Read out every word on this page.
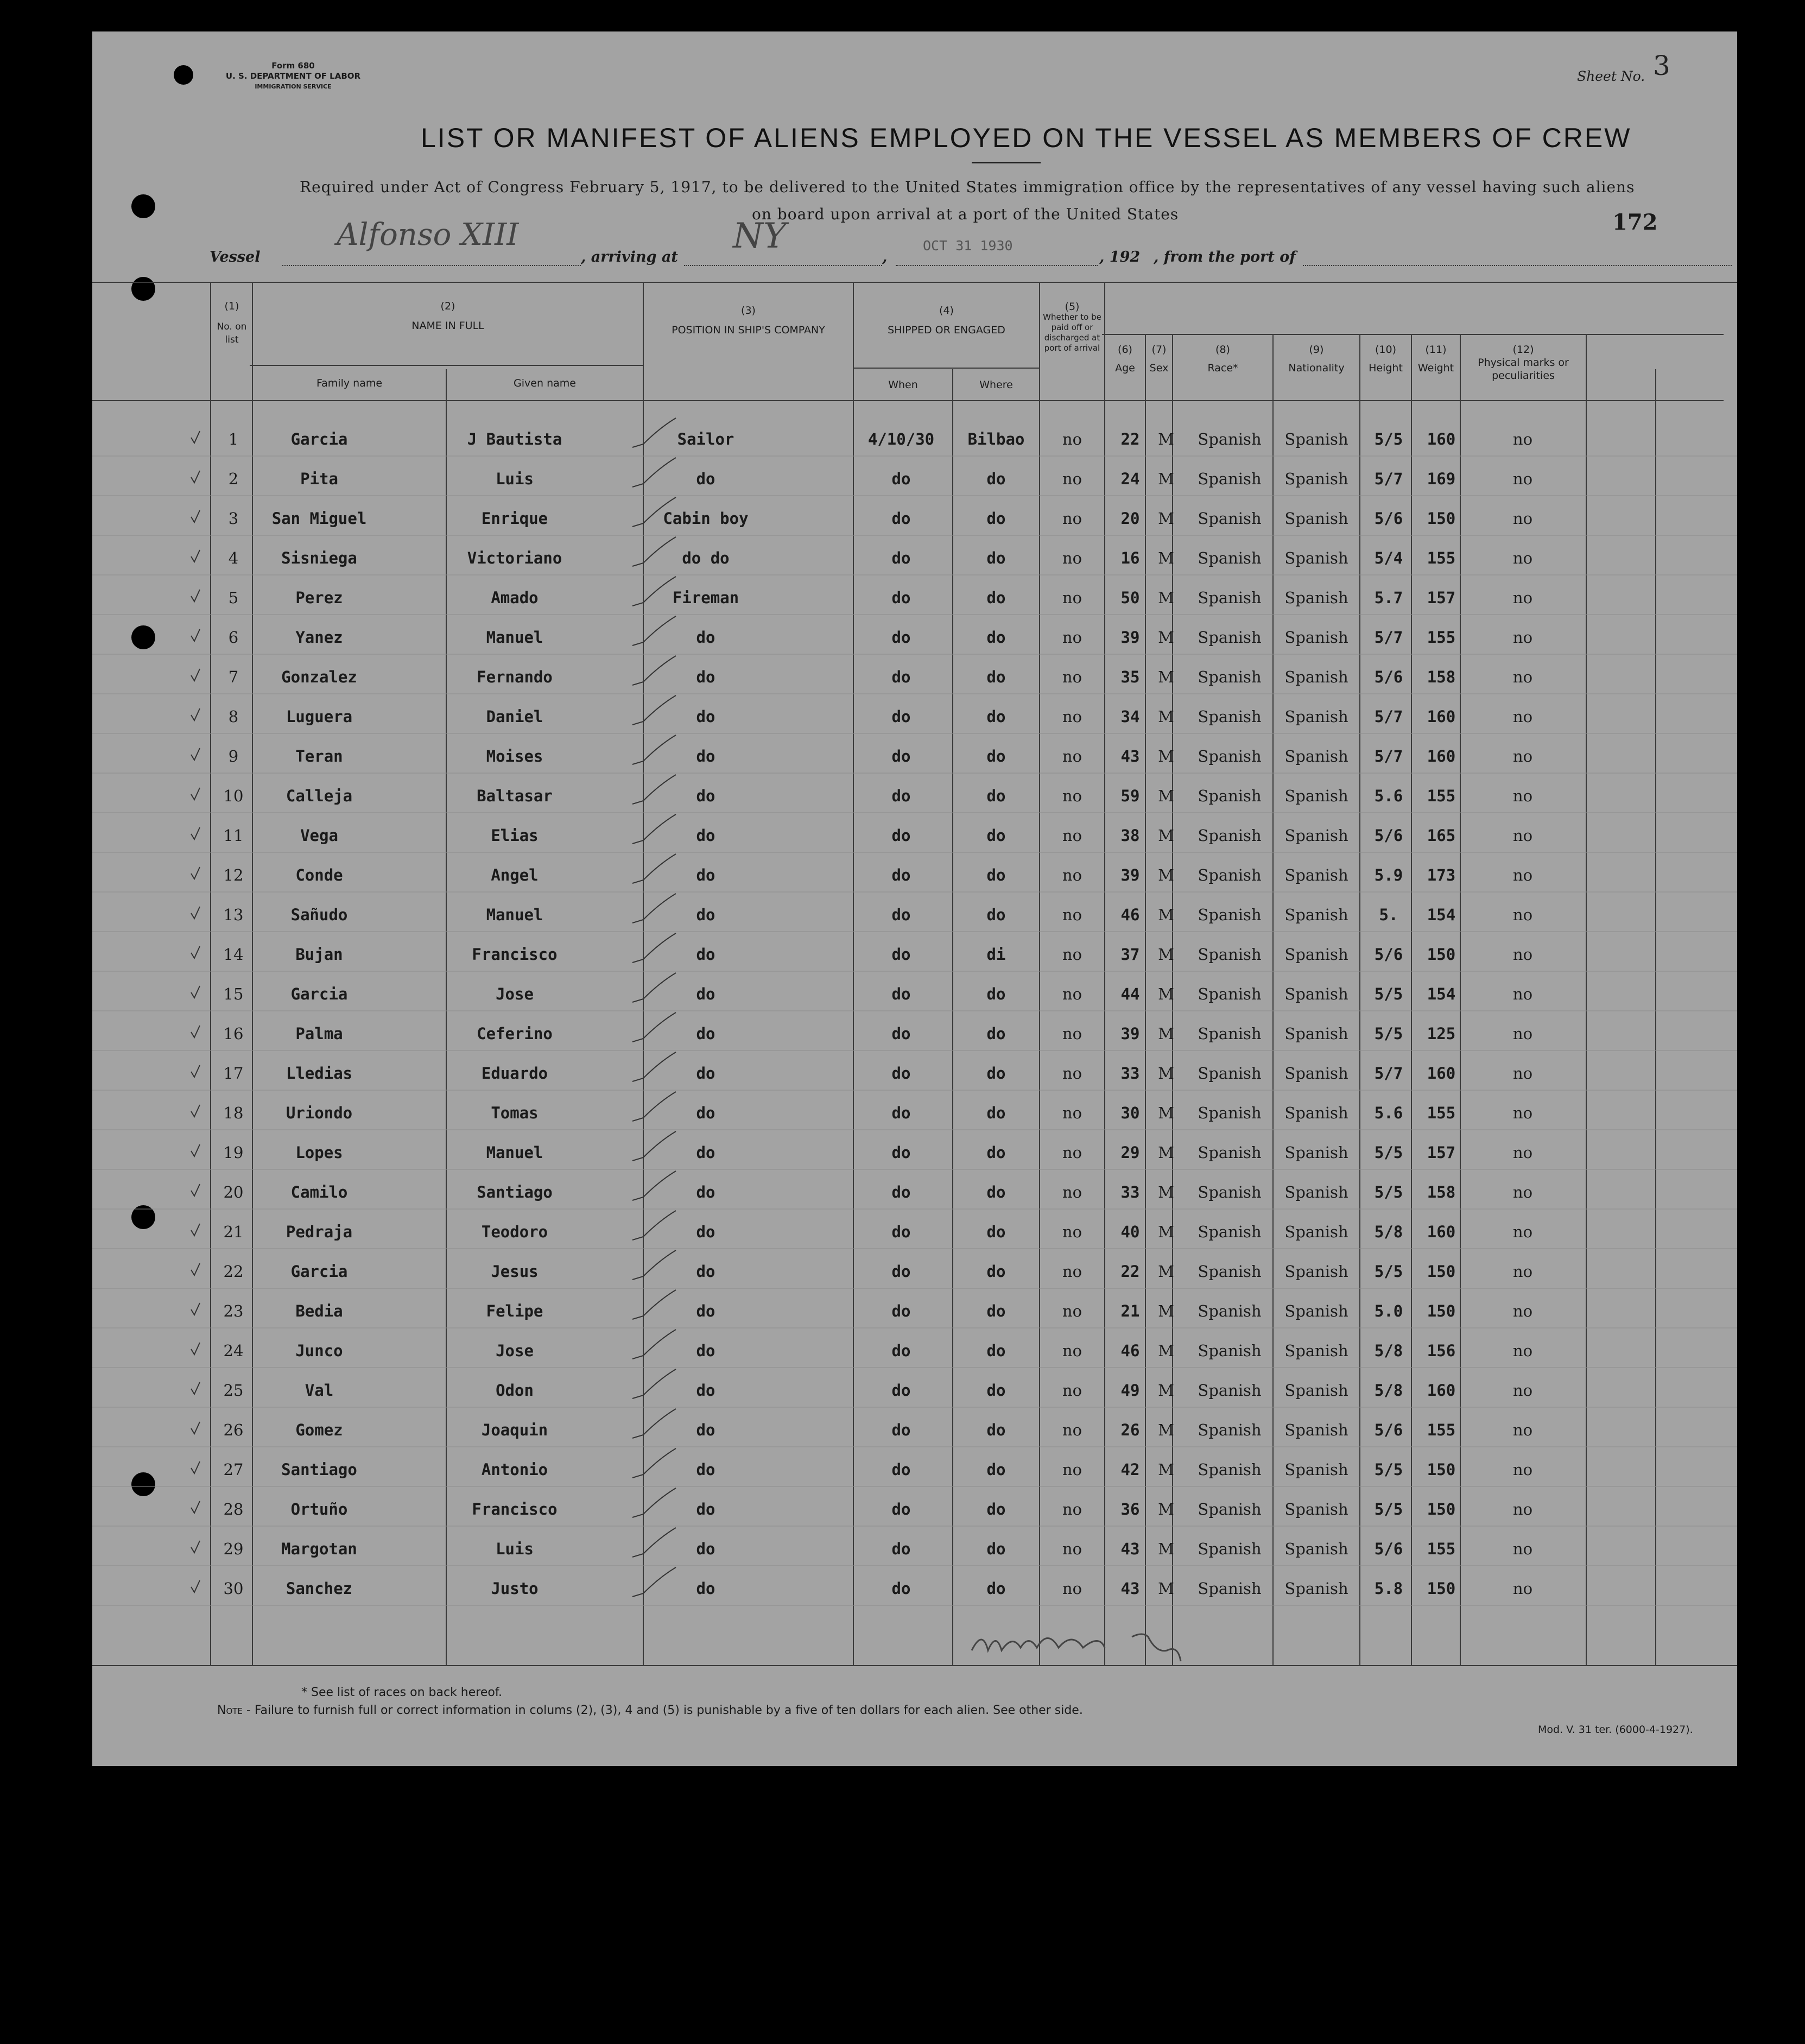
Form 680
U. S. DEPARTMENT OF LABOR
IMMIGRATION SERVICE
Sheet No. 3
LIST OR MANIFEST OF ALIENS EMPLOYED ON THE VESSEL AS MEMBERS OF CREW
Required under Act of Congress February 5, 1917, to be delivered to the United States immigration office by the representatives of any vessel having such aliens
on board upon arrival at a port of the United States	172
Vessel
Alfonso XIII
, arriving at
NY
,
OCT 31 1930
, 192 , from the port of
(1)
No. on list
(2)
NAME IN FULL
Family name	Given name
(3)
POSITION IN SHIP'S COMPANY
(4)
SHIPPED OR ENGAGED
When	Where
(5)
Whether to be paid off or discharged at port of arrival	(6)
Age
(7)
Sex
(8)
Race*
(9)
Nationality
(10)
Height
(11)
Weight
(12)
Physical marks or peculiarities
1	Garcia	J Bautista	Sailor	4/10/30 Bilbao no 22 M Spanish Spanish 5/5 160	no
2	Pita	Luis	do	do	do	no 24 M Spanish Spanish 5/7 169	no
3 San Miguel	Enrique	Cabin boy	do	do	no 20 M Spanish Spanish 5/6 150	no
4	Sisniega	Victoriano	do do	do	do	no 16 M Spanish Spanish 5/4 155	no
5	Perez	Amado	Fireman	do	do	no 50 M Spanish Spanish 5.7 157	no
6	Yanez	Manuel	do	do	do	no 39 M Spanish Spanish 5/7 155	no
7	Gonzalez	Fernando	do	do	do	no 35 M Spanish Spanish 5/6 158	no
8	Luguera	Daniel	do	do	do	no 34 M Spanish Spanish 5/7 160	no
9	Teran	Moises	do	do	do	no 43 M Spanish Spanish 5/7 160	no
10	Calleja	Baltasar	do	do	do	no 59 M Spanish Spanish 5.6 155	no
11	Vega	Elias	do	do	do	no 38 M Spanish Spanish 5/6 165	no
12	Conde	Angel	do	do	do	no 39 M Spanish Spanish 5.9 173	no
13	Sañudo	Manuel	do	do	do	no 46 M Spanish Spanish 5. 154	no
14	Bujan	Francisco	do	do	di	no 37 M Spanish Spanish 5/6 150	no
15	Garcia	Jose	do	do	do	no 44 M Spanish Spanish 5/5 154	no
16	Palma	Ceferino	do	do	do	no 39 M Spanish Spanish 5/5 125	no
17	Lledias	Eduardo	do	do	do	no 33 M Spanish Spanish 5/7 160	no
18	Uriondo	Tomas	do	do	do	no 30 M Spanish Spanish 5.6 155	no
19	Lopes	Manuel	do	do	do	no 29 M Spanish Spanish 5/5 157	no
20	Camilo	Santiago	do	do	do	no 33 M Spanish Spanish 5/5 158	no
21	Pedraja	Teodoro	do	do	do	no 40 M Spanish Spanish 5/8 160	no
22	Garcia	Jesus	do	do	do	no 22 M Spanish Spanish 5/5 150	no
23	Bedia	Felipe	do	do	do	no 21 M Spanish Spanish 5.0 150	no
24	Junco	Jose	do	do	do	no 46 M Spanish Spanish 5/8 156	no
25	Val	Odon	do	do	do	no 49 M Spanish Spanish 5/8 160	no
26	Gomez	Joaquin	do	do	do	no 26 M Spanish Spanish 5/6 155	no
27 Santiago	Antonio	do	do	do	no 42 M Spanish Spanish 5/5 150	no
28	Ortuño	Francisco	do	do	do	no 36 M Spanish Spanish 5/5 150	no
29 Margotan	Luis	do	do	do	no 43 M Spanish Spanish 5/6 155	no
30	Sanchez	Justo	do	do	do	no 43 M Spanish Spanish 5.8 150	no
* See list of races on back hereof.
Note - Failure to furnish full or correct information in colums (2), (3), 4 and (5) is punishable by a five of ten dollars for each alien. See other side.
Mod. V. 31 ter. (6000-4-1927).
